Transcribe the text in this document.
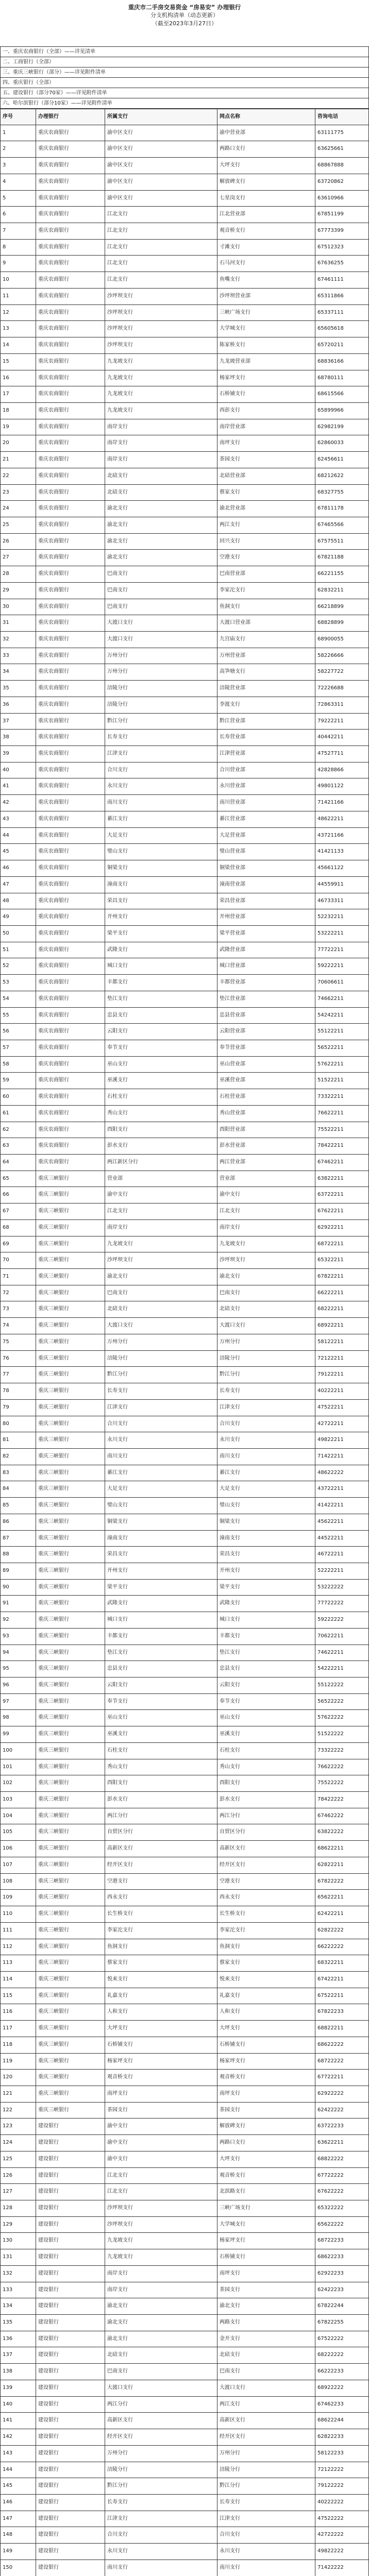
重庆市二手房交易资金 “房易安” 办理银行
分支机构清单（动态更新）
（截至2023年3月27日）
一、重庆农商银行（全部）——详见清单
二、工商银行（全部）
三、重庆三峡银行（部分）——详见附件清单
四、重庆银行（全部）
五、建设银行（部分70家）——详见附件清单
六、哈尔滨银行（部分10家）——详见附件清单
序号	办理银行	所属支行	网点名称	咨询电话
1	重庆农商银行	渝中区支行	渝中营业部	63111775
2	重庆农商银行	渝中区支行	两路口支行	63625661
3	重庆农商银行	渝中区支行	大坪支行	68867888
4	重庆农商银行	渝中区支行	解放碑支行	63720862
5	重庆农商银行	渝中区支行	七星岗支行	63610966
6	重庆农商银行	江北支行	江北营业部	67851199
7	重庆农商银行	江北支行	观音桥支行	67773399
8	重庆农商银行	江北支行	寸滩支行	67512323
9	重庆农商银行	江北支行	石马河支行	67636255
10	重庆农商银行	江北支行	鱼嘴支行	67461111
11	重庆农商银行	沙坪坝支行	沙坪坝营业部	65311866
12	重庆农商银行	沙坪坝支行	三峡广场支行	65337111
13	重庆农商银行	沙坪坝支行	大学城支行	65605618
14	重庆农商银行	沙坪坝支行	陈家桥支行	65720211
15	重庆农商银行	九龙坡支行	九龙坡营业部	68836166
16	重庆农商银行	九龙坡支行	杨家坪支行	68780111
17	重庆农商银行	九龙坡支行	石桥铺支行	68615566
18	重庆农商银行	九龙坡支行	西彭支行	65899966
19	重庆农商银行	南岸支行	南岸营业部	62982199
20	重庆农商银行	南岸支行	南坪支行	62860033
21	重庆农商银行	南岸支行	茶园支行	62456611
22	重庆农商银行	北碚支行	北碚营业部	68212622
23	重庆农商银行	北碚支行	蔡家支行	68327755
24	重庆农商银行	渝北支行	渝北营业部	67811178
25	重庆农商银行	渝北支行	两江支行	67465566
26	重庆农商银行	渝北支行	回兴支行	67575511
27	重庆农商银行	渝北支行	空港支行	67821188
28	重庆农商银行	巴南支行	巴南营业部	66221155
29	重庆农商银行	巴南支行	李家沱支行	62832211
30	重庆农商银行	巴南支行	鱼洞支行	66218899
31	重庆农商银行	大渡口支行	大渡口营业部	68828899
32	重庆农商银行	大渡口支行	九宫庙支行	68900055
33	重庆农商银行	万州分行	万州营业部	58226666
34	重庆农商银行	万州分行	高笋塘支行	58227722
35	重庆农商银行	涪陵分行	涪陵营业部	72226688
36	重庆农商银行	涪陵分行	李渡支行	72863311
37	重庆农商银行	黔江分行	黔江营业部	79222211
38	重庆农商银行	长寿支行	长寿营业部	40442211
39	重庆农商银行	江津支行	江津营业部	47527711
40	重庆农商银行	合川支行	合川营业部	42828866
41	重庆农商银行	永川支行	永川营业部	49801122
42	重庆农商银行	南川支行	南川营业部	71421166
43	重庆农商银行	綦江支行	綦江营业部	48622211
44	重庆农商银行	大足支行	大足营业部	43721166
45	重庆农商银行	璧山支行	璧山营业部	41421133
46	重庆农商银行	铜梁支行	铜梁营业部	45661122
47	重庆农商银行	潼南支行	潼南营业部	44559911
48	重庆农商银行	荣昌支行	荣昌营业部	46733311
49	重庆农商银行	开州支行	开州营业部	52232211
50	重庆农商银行	梁平支行	梁平营业部	53222211
51	重庆农商银行	武隆支行	武隆营业部	77722211
52	重庆农商银行	城口支行	城口营业部	59222211
53	重庆农商银行	丰都支行	丰都营业部	70606611
54	重庆农商银行	垫江支行	垫江营业部	74662211
55	重庆农商银行	忠县支行	忠县营业部	54242211
56	重庆农商银行	云阳支行	云阳营业部	55122211
57	重庆农商银行	奉节支行	奉节营业部	56522211
58	重庆农商银行	巫山支行	巫山营业部	57622211
59	重庆农商银行	巫溪支行	巫溪营业部	51522211
60	重庆农商银行	石柱支行	石柱营业部	73322211
61	重庆农商银行	秀山支行	秀山营业部	76622211
62	重庆农商银行	酉阳支行	酉阳营业部	75522211
63	重庆农商银行	彭水支行	彭水营业部	78422211
64	重庆农商银行	两江新区分行	两江营业部	67462211
65	重庆三峡银行	营业部	营业部	63822211
66	重庆三峡银行	渝中支行	渝中支行	63722211
67	重庆三峡银行	江北支行	江北支行	67622211
68	重庆三峡银行	南岸支行	南岸支行	62922211
69	重庆三峡银行	九龙坡支行	九龙坡支行	68722211
70	重庆三峡银行	沙坪坝支行	沙坪坝支行	65322211
71	重庆三峡银行	渝北支行	渝北支行	67822211
72	重庆三峡银行	巴南支行	巴南支行	66222211
73	重庆三峡银行	北碚支行	北碚支行	68222211
74	重庆三峡银行	大渡口支行	大渡口支行	68922211
75	重庆三峡银行	万州分行	万州分行	58122211
76	重庆三峡银行	涪陵分行	涪陵分行	72122211
77	重庆三峡银行	黔江分行	黔江分行	79122211
78	重庆三峡银行	长寿支行	长寿支行	40222211
79	重庆三峡银行	江津支行	江津支行	47522211
80	重庆三峡银行	合川支行	合川支行	42722211
81	重庆三峡银行	永川支行	永川支行	49822211
82	重庆三峡银行	南川支行	南川支行	71422211
83	重庆三峡银行	綦江支行	綦江支行	48622222
84	重庆三峡银行	大足支行	大足支行	43722211
85	重庆三峡银行	璧山支行	璧山支行	41422211
86	重庆三峡银行	铜梁支行	铜梁支行	45622211
87	重庆三峡银行	潼南支行	潼南支行	44522211
88	重庆三峡银行	荣昌支行	荣昌支行	46722211
89	重庆三峡银行	开州支行	开州支行	52222211
90	重庆三峡银行	梁平支行	梁平支行	53222222
91	重庆三峡银行	武隆支行	武隆支行	77722222
92	重庆三峡银行	城口支行	城口支行	59222222
93	重庆三峡银行	丰都支行	丰都支行	70622211
94	重庆三峡银行	垫江支行	垫江支行	74622211
95	重庆三峡银行	忠县支行	忠县支行	54222211
96	重庆三峡银行	云阳支行	云阳支行	55122222
97	重庆三峡银行	奉节支行	奉节支行	56522222
98	重庆三峡银行	巫山支行	巫山支行	57622222
99	重庆三峡银行	巫溪支行	巫溪支行	51522222
100	重庆三峡银行	石柱支行	石柱支行	73322222
101	重庆三峡银行	秀山支行	秀山支行	76622222
102	重庆三峡银行	酉阳支行	酉阳支行	75522222
103	重庆三峡银行	彭水支行	彭水支行	78422222
104	重庆三峡银行	两江分行	两江分行	67462222
105	重庆三峡银行	自贸区分行	自贸区分行	63822222
106	重庆三峡银行	高新区支行	高新区支行	68622211
107	重庆三峡银行	经开区支行	经开区支行	62822211
108	重庆三峡银行	空港支行	空港支行	67822222
109	重庆三峡银行	西永支行	西永支行	65622211
110	重庆三峡银行	长生桥支行	长生桥支行	62422211
111	重庆三峡银行	李家沱支行	李家沱支行	62822222
112	重庆三峡银行	鱼洞支行	鱼洞支行	66222222
113	重庆三峡银行	蔡家支行	蔡家支行	68322211
114	重庆三峡银行	悦来支行	悦来支行	67422211
115	重庆三峡银行	礼嘉支行	礼嘉支行	67522211
116	重庆三峡银行	人和支行	人和支行	67822233
117	重庆三峡银行	大坪支行	大坪支行	68822211
118	重庆三峡银行	石桥铺支行	石桥铺支行	68622222
119	重庆三峡银行	杨家坪支行	杨家坪支行	68722222
120	重庆三峡银行	观音桥支行	观音桥支行	67722211
121	重庆三峡银行	南坪支行	南坪支行	62922222
122	重庆三峡银行	茶园支行	茶园支行	62422222
123	建设银行	渝中支行	解放碑支行	63722233
124	建设银行	渝中支行	两路口支行	63622211
125	建设银行	渝中支行	大坪支行	68822222
126	建设银行	江北支行	观音桥支行	67722222
127	建设银行	江北支行	北滨路支行	67622222
128	建设银行	沙坪坝支行	三峡广场支行	65322222
129	建设银行	沙坪坝支行	大学城支行	65622222
130	建设银行	九龙坡支行	杨家坪支行	68722233
131	建设银行	九龙坡支行	石桥铺支行	68622233
132	建设银行	南岸支行	南坪支行	62922233
133	建设银行	南岸支行	茶园支行	62422233
134	建设银行	渝北支行	渝北支行	67822244
135	建设银行	渝北支行	两路支行	67822255
136	建设银行	渝北支行	金开支行	67522222
137	建设银行	北碚支行	北碚支行	68222222
138	建设银行	巴南支行	巴南支行	66222233
139	建设银行	大渡口支行	大渡口支行	68922222
140	建设银行	两江分行	两江支行	67462233
141	建设银行	高新区支行	高新区支行	68622244
142	建设银行	经开区支行	经开区支行	62822233
143	建设银行	万州分行	万州分行	58122233
144	建设银行	涪陵分行	涪陵分行	72122222
145	建设银行	黔江分行	黔江分行	79122222
146	建设银行	长寿支行	长寿支行	40222222
147	建设银行	江津支行	江津支行	47522222
148	建设银行	合川支行	合川支行	42722222
149	建设银行	永川支行	永川支行	49822222
150	建设银行	南川支行	南川支行	71422222
